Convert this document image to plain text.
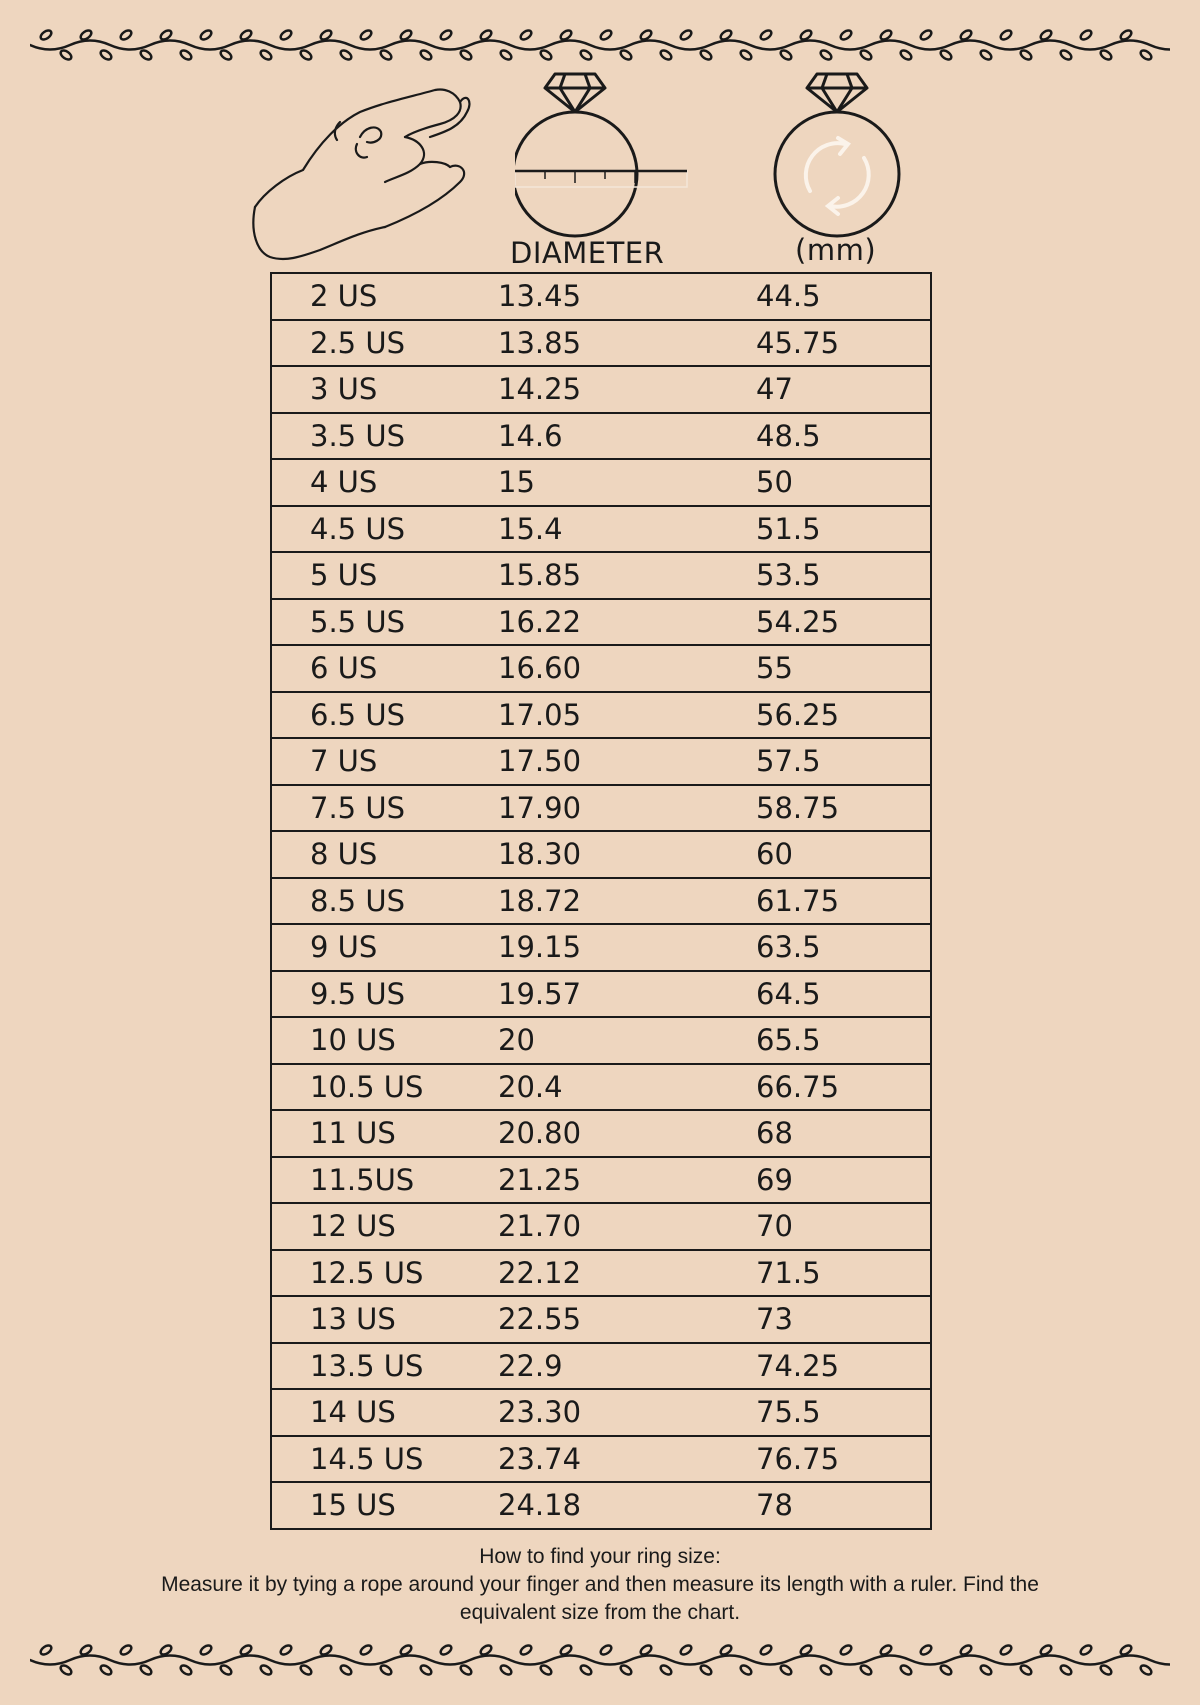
DIAMETER	(mm)
2 US	13.45	44.5
2.5 US	13.85	45.75
3 US	14.25	47
3.5 US	14.6	48.5
4 US	15	50
4.5 US	15.4	51.5
5 US	15.85	53.5
5.5 US	16.22	54.25
6 US	16.60	55
6.5 US	17.05	56.25
7 US	17.50	57.5
7.5 US	17.90	58.75
8 US	18.30	60
8.5 US	18.72	61.75
9 US	19.15	63.5
9.5 US	19.57	64.5
10 US	20	65.5
10.5 US	20.4	66.75
11 US	20.80	68
11.5US	21.25	69
12 US	21.70	70
12.5 US	22.12	71.5
13 US	22.55	73
13.5 US	22.9	74.25
14 US	23.30	75.5
14.5 US	23.74	76.75
15 US	24.18	78
How to find your ring size:
Measure it by tying a rope around your finger and then measure its length with a ruler. Find the
equivalent size from the chart.
